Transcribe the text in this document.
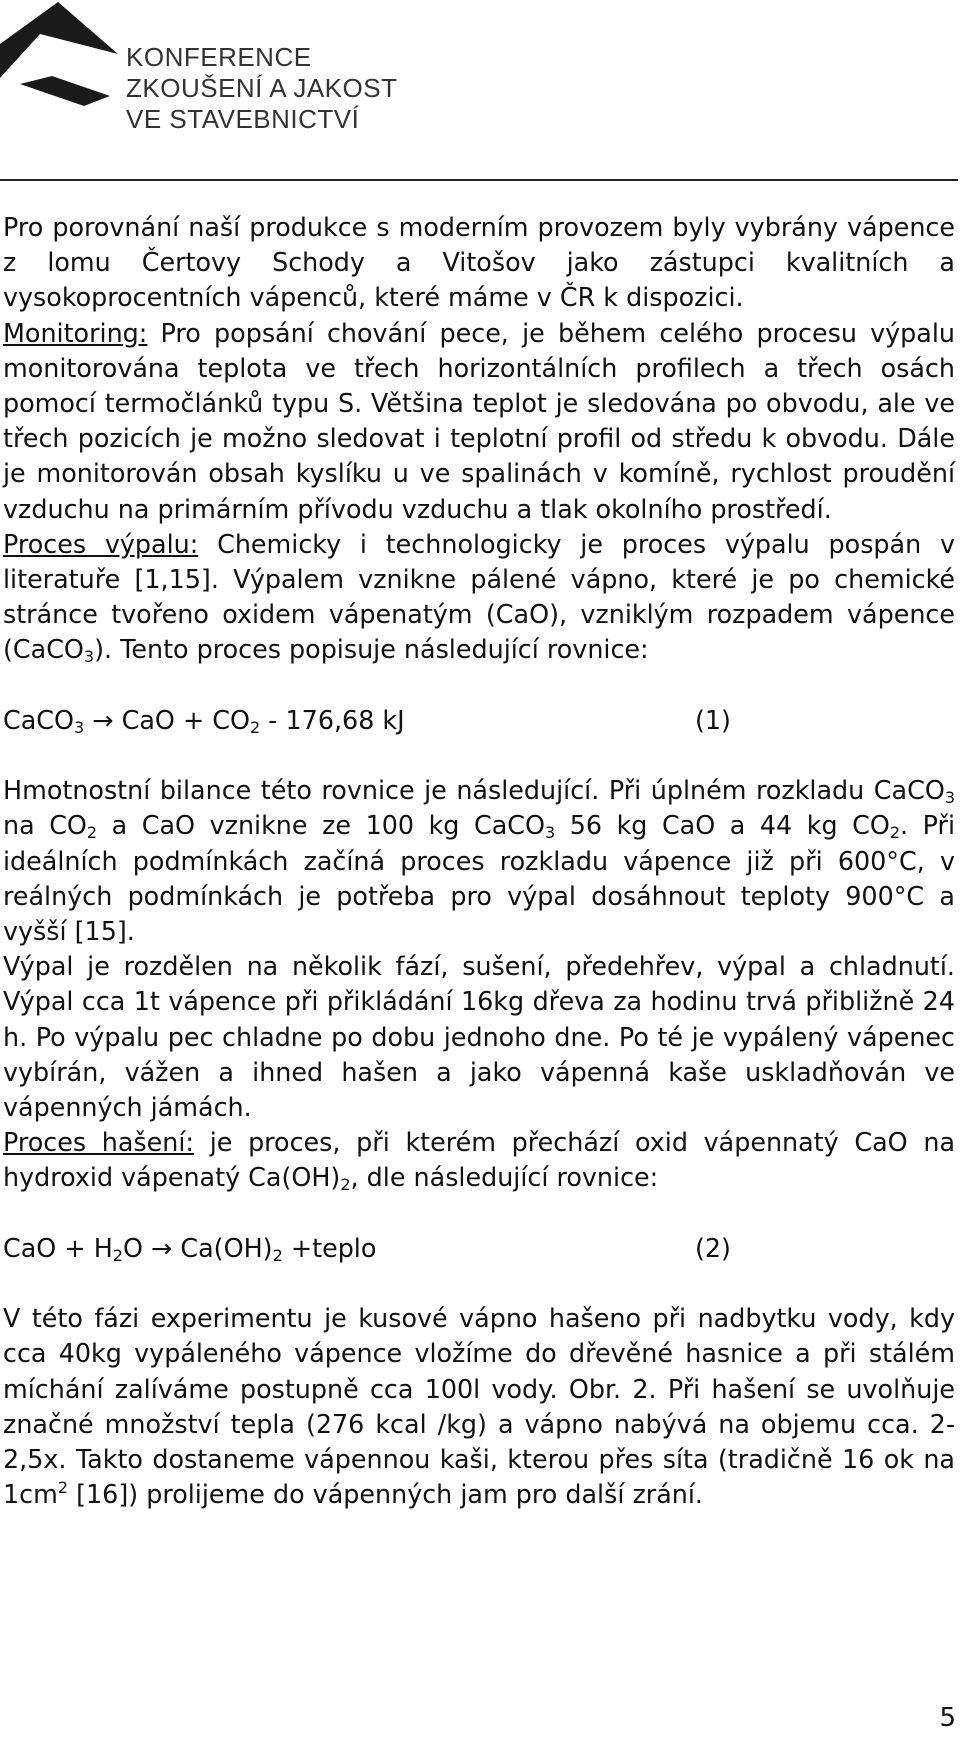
KONFERENCE
ZKOUŠENÍ A JAKOST
VE STAVEBNICTVÍ

Pro porovnání naší produkce s moderním provozem byly vybrány vápence z lomu Čertovy Schody a Vitošov jako zástupci kvalitních a vysokoprocentních vápenců, které máme v ČR k dispozici.

Monitoring: Pro popsání chování pece, je během celého procesu výpalu monitorována teplota ve třech horizontálních profilech a třech osách pomocí termočlánků typu S. Většina teplot je sledována po obvodu, ale ve třech pozicích je možno sledovat i teplotní profil od středu k obvodu. Dále je monitorován obsah kyslíku u ve spalinách v komíně, rychlost proudění vzduchu na primárním přívodu vzduchu a tlak okolního prostředí.

Proces výpalu: Chemicky i technologicky je proces výpalu pospán v literatuře [1,15]. Výpalem vznikne pálené vápno, které je po chemické stránce tvořeno oxidem vápenatým (CaO), vzniklým rozpadem vápence (CaCO$_3$). Tento proces popisuje následující rovnice:

CaCO$_3$ → CaO + $CO_2 - 176,68$ kJ	(1)

Hmotnostní bilance této rovnice je následující. Při úplném rozkladu CaCO$_3$ na $CO_2$ a CaO vznikne ze 100 kg CaCO$_3$ 56 kg CaO a 44 kg $CO_2$. Při ideálních podmínkách začíná proces rozkladu vápence již při 600°C, v reálných podmínkách je potřeba pro výpal dosáhnout teploty 900°C a vyšší [15].

Výpal je rozdělen na několik fází, sušení, předehřev, výpal a chladnutí. Výpal cca 1t vápence při přikládání 16kg dřeva za hodinu trvá přibližně 24 h. Po výpalu pec chladne po dobu jednoho dne. Po té je vypálený vápenec vybírán, vážen a ihned hašen a jako vápenná kaše uskladňován ve vápenných jámách.

Proces hašení: je proces, při kterém přechází oxid vápennatý CaO na hydroxid vápenatý $Ca(OH)_2$, dle následující rovnice:

CaO + $H_2O \to Ca(OH)_2$ +teplo	(2)

V této fázi experimentu je kusové vápno hašeno při nadbytku vody, kdy cca 40kg vypáleného vápence vložíme do dřevěné hasnice a při stálém míchání zalíváme postupně cca 100l vody. Obr. 2. Při hašení se uvolňuje značné množství tepla (276 kcal /kg) a vápno nabývá na objemu cca. 2-2,5x. Takto dostaneme vápennou kaši, kterou přes síta (tradičně 16 ok na $1cm^2$ [16]) prolijeme do vápenných jam pro další zrání.

5
